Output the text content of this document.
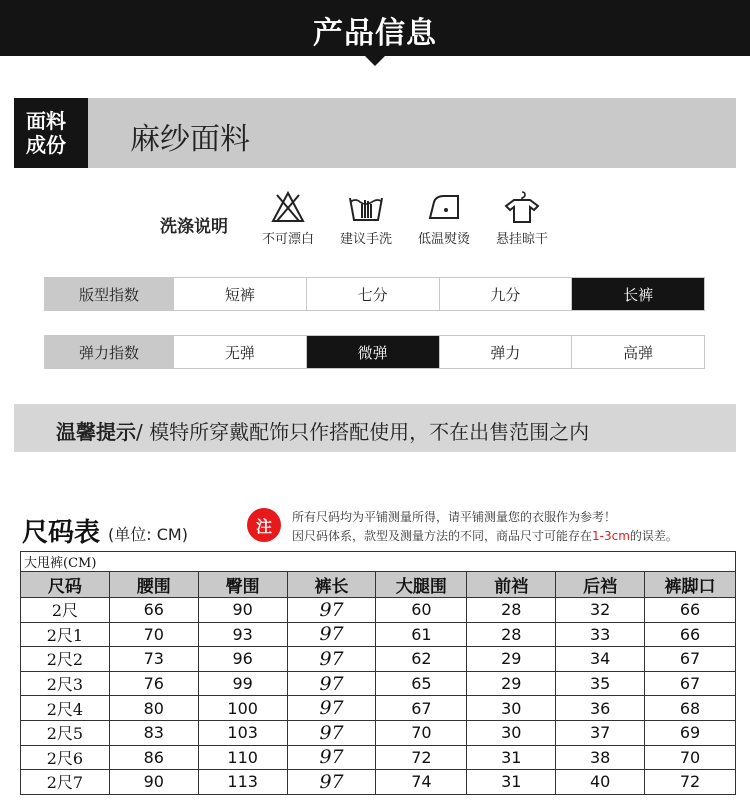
产品信息
面料
成份	麻纱面料
洗涤说明
不可漂白	建议手洗	低温熨烫	悬挂晾干
版型指数	短裤	七分	九分	长裤
弹力指数	无弹	微弹	弹力	高弹
温馨提示/ 模特所穿戴配饰只作搭配使用，不在出售范围之内
尺码表 (单位: CM)	注	所有尺码均为平铺测量所得，请平铺测量您的衣服作为参考！
因尺码体系，款型及测量方法的不同，商品尺寸可能存在1-3cm的误差。
大甩裤(CM)							
尺码	腰围	臀围	裤长	大腿围	前裆	后裆	裤脚口
2尺	66	90	97	60	28	32	66
2尺1	70	93	97	61	28	33	66
2尺2	73	96	97	62	29	34	67
2尺3	76	99	97	65	29	35	67
2尺4	80	100	97	67	30	36	68
2尺5	83	103	97	70	30	37	69
2尺6	86	110	97	72	31	38	70
2尺7	90	113	97	74	31	40	72
